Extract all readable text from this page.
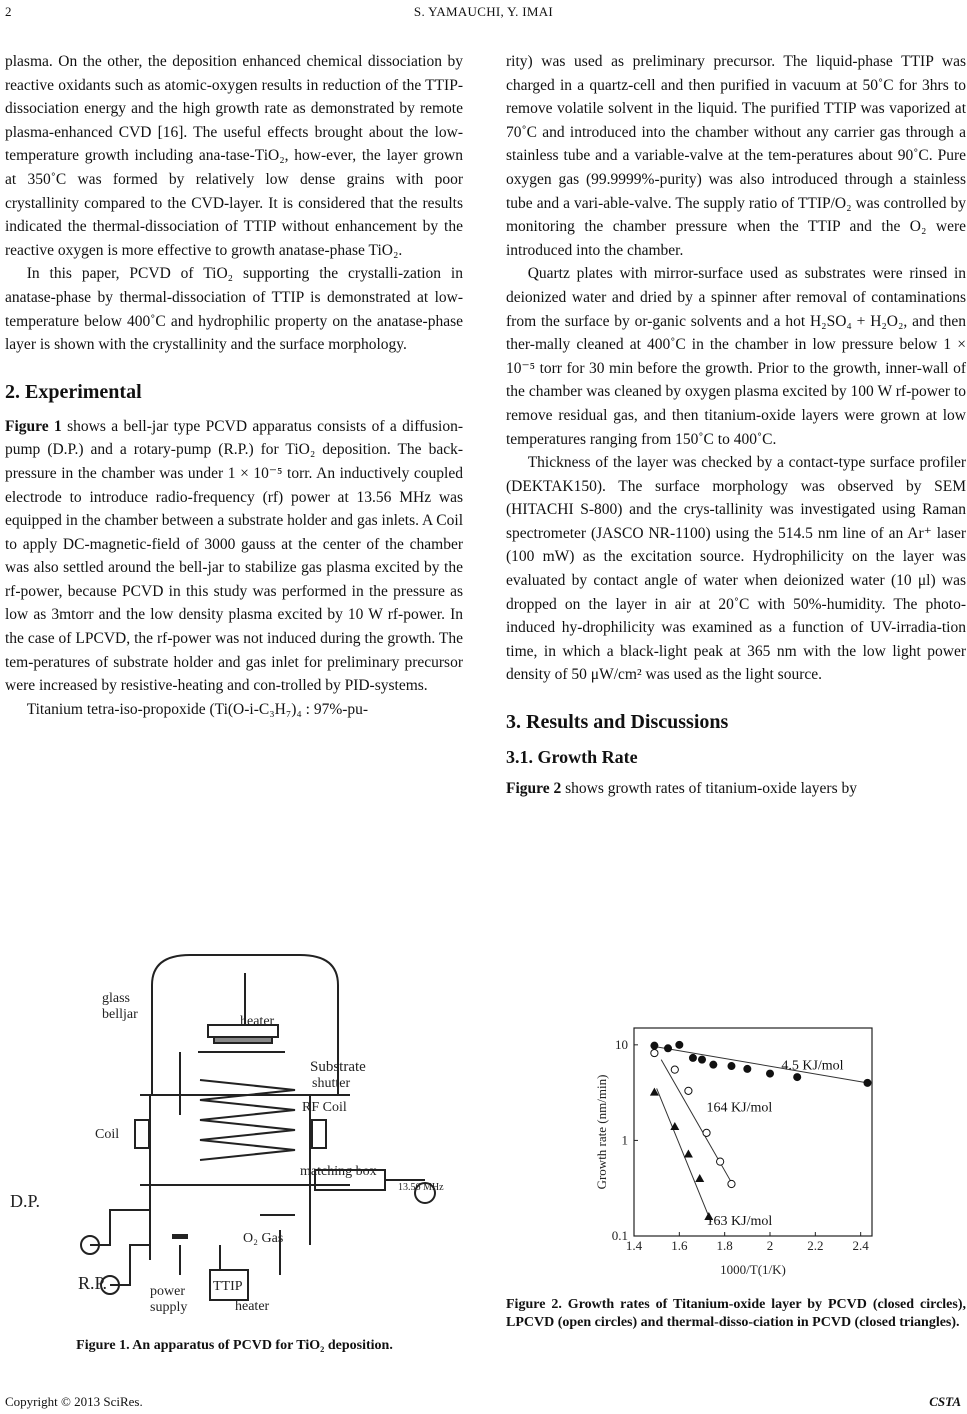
2	S. YAMAUCHI, Y. IMAI

plasma. On the other, the deposition enhanced chemical dissociation by reactive oxidants such as atomic-oxygen results in reduction of the TTIP-dissociation energy and the high growth rate as demonstrated by remote plasma-enhanced CVD [16]. The useful effects brought about the low-temperature growth including ana-tase-TiO₂, how-ever, the layer grown at 350˚C was formed by relatively low dense grains with poor crystallinity compared to the CVD-layer. It is considered that the results indicated the thermal-dissociation of TTIP without enhancement by the reactive oxygen is more effective to growth anatase-phase TiO₂.

In this paper, PCVD of TiO₂ supporting the crystalli-zation in anatase-phase by thermal-dissociation of TTIP is demonstrated at low-temperature below 400˚C and hydrophilic property on the anatase-phase layer is shown with the crystallinity and the surface morphology.

2. Experimental

Figure 1 shows a bell-jar type PCVD apparatus consists of a diffusion-pump (D.P.) and a rotary-pump (R.P.) for TiO₂ deposition. The back-pressure in the chamber was under 1 × 10⁻⁵ torr. An inductively coupled electrode to introduce radio-frequency (rf) power at 13.56 MHz was equipped in the chamber between a substrate holder and gas inlets. A Coil to apply DC-magnetic-field of 3000 gauss at the center of the chamber was also settled around the bell-jar to stabilize gas plasma excited by the rf-power, because PCVD in this study was performed in the pressure as low as 3mtorr and the low density plasma excited by 10 W rf-power. In the case of LPCVD, the rf-power was not induced during the growth. The tem-peratures of substrate holder and gas inlet for preliminary precursor were increased by resistive-heating and con-trolled by PID-systems.

Titanium tetra-iso-propoxide (Ti(O-i-C₃H₇)₄ : 97%-pu-

rity) was used as preliminary precursor. The liquid-phase TTIP was charged in a quartz-cell and then purified in vacuum at 50˚C for 3hrs to remove volatile solvent in the liquid. The purified TTIP was vaporized at 70˚C and introduced into the chamber without any carrier gas through a stainless tube and a variable-valve at the tem-peratures about 90˚C. Pure oxygen gas (99.9999%-purity) was also introduced through a stainless tube and a vari-able-valve. The supply ratio of TTIP/O₂ was controlled by monitoring the chamber pressure when the TTIP and the O₂ were introduced into the chamber.

Quartz plates with mirror-surface used as substrates were rinsed in deionized water and dried by a spinner after removal of contaminations from the surface by or-ganic solvents and a hot H₂SO₄ + H₂O₂, and then ther-mally cleaned at 400˚C in the chamber in low pressure below 1 × 10⁻⁵ torr for 30 min before the growth. Prior to the growth, inner-wall of the chamber was cleaned by oxygen plasma excited by 100 W rf-power to remove residual gas, and then titanium-oxide layers were grown at low temperatures ranging from 150˚C to 400˚C.

Thickness of the layer was checked by a contact-type surface profiler (DEKTAK150). The surface morphology was observed by SEM (HITACHI S-800) and the crys-tallinity was investigated using Raman spectrometer (JASCO NR-1100) using the 514.5 nm line of an Ar⁺ laser (100 mW) as the excitation source. Hydrophilicity on the layer was evaluated by contact angle of water when deionized water (10 μl) was dropped on the layer in air at 20˚C with 50%-humidity. The photo-induced hy-drophilicity was examined as a function of UV-irradia-tion time, in which a black-light peak at 365 nm with the low light power density of 50 μW/cm² was used as the light source.

3. Results and Discussions
3.1. Growth Rate

Figure 2 shows growth rates of titanium-oxide layers by

glass
belljar	heater
Substrate
shutter
RF Coil
Coil
matching box
13.56 MHz
D.P.
R.P.
O₂ Gas
TTIP
power
supply	heater
Figure 1. An apparatus of PCVD for TiO₂ deposition.
1.4 1.6 1.8	2	2.2 2.4
0.1
1
10
1000/T(1/K)
Growth rate (nm/min)
4.5 KJ/mol
164 KJ/mol
163 KJ/mol
Figure 2. Growth rates of Titanium-oxide layer by PCVD (closed circles), LPCVD (open circles) and thermal-disso-ciation in PCVD (closed triangles).
Copyright © 2013 SciRes.	CSTA
